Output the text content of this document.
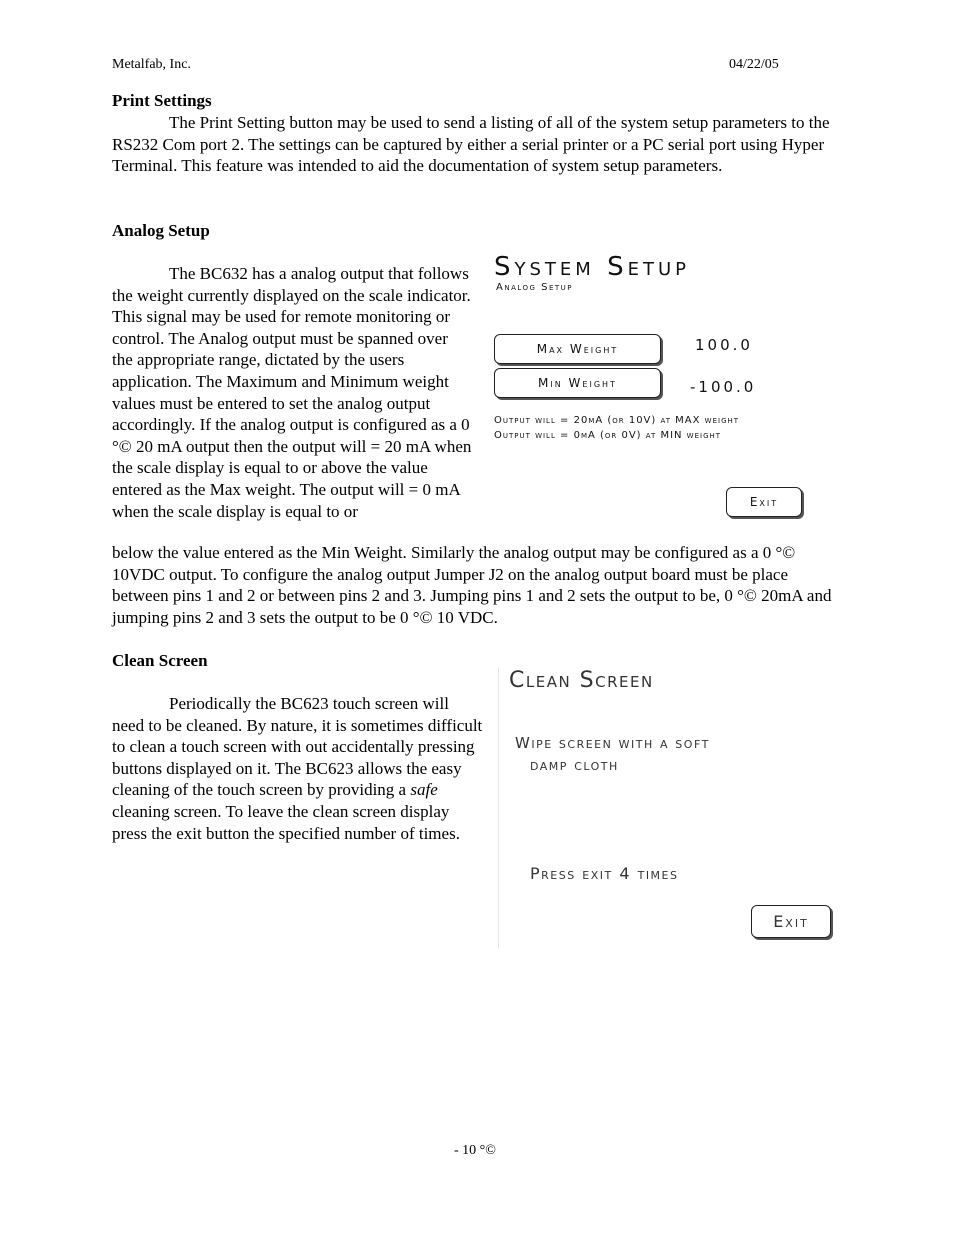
Metalfab, Inc.	04/22/05
Print Settings
The Print Setting button may be used to send a listing of all of the system setup parameters to the RS232 Com port 2. The settings can be captured by either a serial printer or a PC serial port using Hyper Terminal. This feature was intended to aid the documentation of system setup parameters.
Analog Setup
The BC632 has a analog output that follows the weight currently displayed on the scale indicator. This signal may be used for remote monitoring or control. The Analog output must be spanned over the appropriate range, dictated by the users application. The Maximum and Minimum weight values must be entered to set the analog output accordingly. If the analog output is configured as a 0 °© 20 mA output then the output will = 20 mA when the scale display is equal to or above the value entered as the Max weight. The output will = 0 mA when the scale display is equal to or
below the value entered as the Min Weight. Similarly the analog output may be configured as a 0 °© 10VDC output. To configure the analog output Jumper J2 on the analog output board must be place between pins 1 and 2 or between pins 2 and 3. Jumping pins 1 and 2 sets the output to be, 0 °© 20mA and jumping pins 2 and 3 sets the output to be 0 °© 10 VDC.
System Setup
Analog Setup
Max Weight	100.0
Min Weight	-100.0
Output will = 20mA (or 10V) at MAX weight
Output will = 0mA (or 0V) at MIN weight
Exit
Clean Screen
Periodically the BC623 touch screen will need to be cleaned. By nature, it is sometimes difficult to clean a touch screen with out accidentally pressing buttons displayed on it. The BC623 allows the easy cleaning of the touch screen by providing a safe cleaning screen. To leave the clean screen display press the exit button the specified number of times.
Clean Screen
Wipe screen with a soft
damp cloth
Press exit 4 times
Exit
- 10 °©
